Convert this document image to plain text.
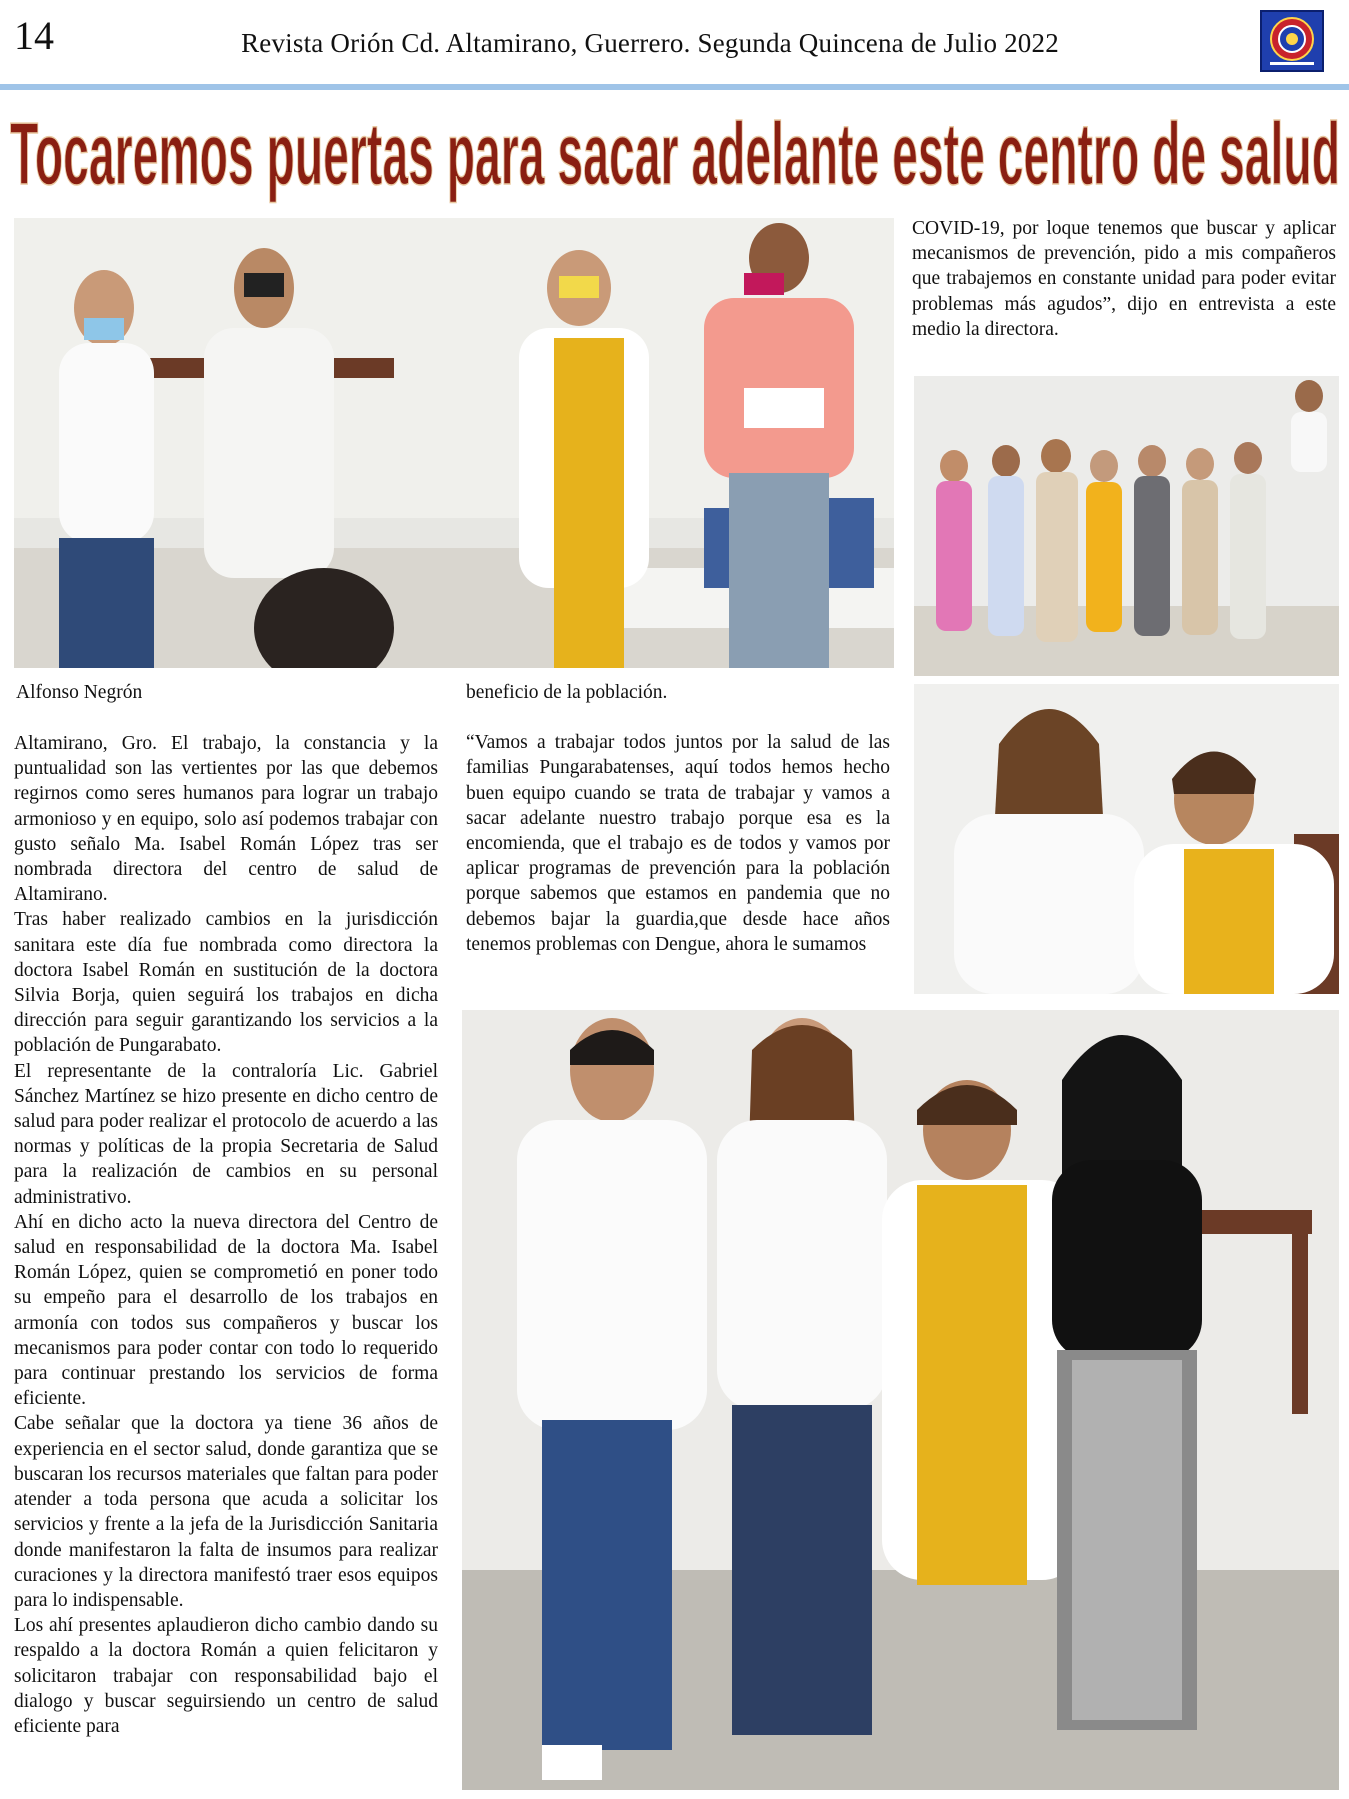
14	Revista Orión Cd. Altamirano, Guerrero. Segunda Quincena de Julio 2022
Tocaremos puertas para sacar adelante este centro de salud
Alfonso Negrón

Altamirano, Gro. El trabajo, la constancia y la puntualidad son las vertientes por las que debemos regirnos como seres humanos para lograr un trabajo armonioso y en equipo, solo así podemos trabajar con gusto señalo Ma. Isabel Román López tras ser nombrada directora del centro de salud de Altamirano.

Tras haber realizado cambios en la jurisdicción sanitara este día fue nombrada como directora la doctora Isabel Román en sustitución de la doctora Silvia Borja, quien seguirá los trabajos en dicha dirección para seguir garantizando los servicios a la población de Pungarabato.

El representante de la contraloría Lic. Gabriel Sánchez Martínez se hizo presente en dicho centro de salud para poder realizar el protocolo de acuerdo a las normas y políticas de la propia Secretaria de Salud para la realización de cambios en su personal administrativo.

Ahí en dicho acto la nueva directora del Centro de salud en responsabilidad de la doctora Ma. Isabel Román López, quien se comprometió en poner todo su empeño para el desarrollo de los trabajos en armonía con todos sus compañeros y buscar los mecanismos para poder contar con todo lo requerido para continuar prestando los servicios de forma eficiente.

Cabe señalar que la doctora ya tiene 36 años de experiencia en el sector salud, donde garantiza que se buscaran los recursos materiales que faltan para poder atender a toda persona que acuda a solicitar los servicios y frente a la jefa de la Jurisdicción Sanitaria donde manifestaron la falta de insumos para realizar curaciones y la directora manifestó traer esos equipos para lo indispensable.

Los ahí presentes aplaudieron dicho cambio dando su respaldo a la doctora Román a quien felicitaron y solicitaron trabajar con responsabilidad bajo el dialogo y buscar seguirsiendo un centro de salud eficiente para

beneficio de la población.

“Vamos a trabajar todos juntos por la salud de las familias Pungarabatenses, aquí todos hemos hecho buen equipo cuando se trata de trabajar y vamos a sacar adelante nuestro trabajo porque esa es la encomienda, que el trabajo es de todos y vamos por aplicar programas de prevención para la población porque sabemos que estamos en pandemia que no debemos bajar la guardia,que desde hace años tenemos problemas con Dengue, ahora le sumamos

COVID-19, por loque tenemos que buscar y aplicar mecanismos de prevención, pido a mis compañeros que trabajemos en constante unidad para poder evitar problemas más agudos”, dijo en entrevista a este medio la directora.
